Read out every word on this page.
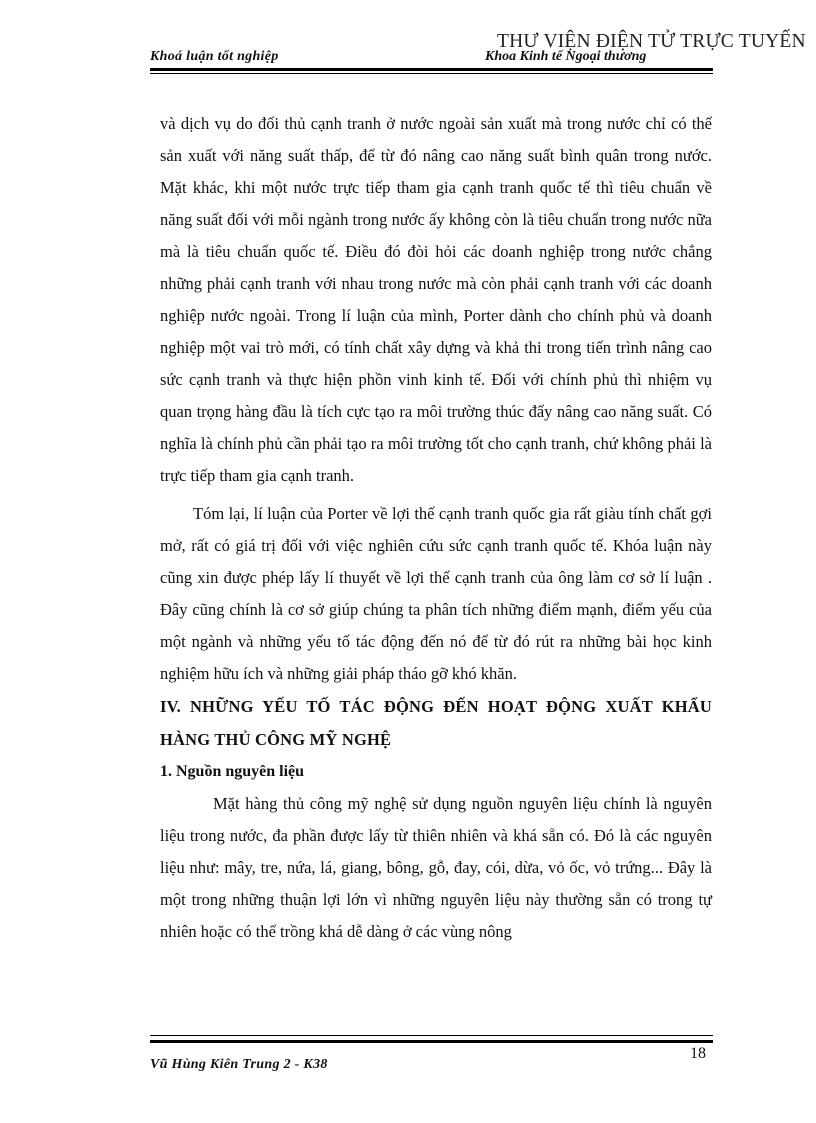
THƯ VIỆN ĐIỆN TỬ TRỰC TUYẾN
Khoá luận tốt nghiệp	Khoa Kinh tế Ngoại thương

và dịch vụ do đối thủ cạnh tranh ở nước ngoài sản xuất mà trong nước chỉ có thể sản xuất với năng suất thấp, để từ đó nâng cao năng suất bình quân trong nước. Mặt khác, khi một nước trực tiếp tham gia cạnh tranh quốc tế thì tiêu chuẩn về năng suất đối với mỗi ngành trong nước ấy không còn là tiêu chuẩn trong nước nữa mà là tiêu chuẩn quốc tế. Điều đó đòi hỏi các doanh nghiệp trong nước chẳng những phải cạnh tranh với nhau trong nước mà còn phải cạnh tranh với các doanh nghiệp nước ngoài. Trong lí luận của mình, Porter dành cho chính phủ và doanh nghiệp một vai trò mới, có tính chất xây dựng và khả thi trong tiến trình nâng cao sức cạnh tranh và thực hiện phồn vinh kinh tế. Đối với chính phủ thì nhiệm vụ quan trọng hàng đầu là tích cực tạo ra môi trường thúc đẩy nâng cao năng suất. Có nghĩa là chính phủ cần phải tạo ra môi trường tốt cho cạnh tranh, chứ không phải là trực tiếp tham gia cạnh tranh.

Tóm lại, lí luận của Porter về lợi thế cạnh tranh quốc gia rất giàu tính chất gợi mở, rất có giá trị đối với việc nghiên cứu sức cạnh tranh quốc tế. Khóa luận này cũng xin được phép lấy lí thuyết về lợi thế cạnh tranh của ông làm cơ sở lí luận . Đây cũng chính là cơ sở giúp chúng ta phân tích những điểm mạnh, điểm yếu của một ngành và những yếu tố tác động đến nó để từ đó rút ra những bài học kinh nghiệm hữu ích và những giải pháp tháo gỡ khó khăn.

IV. NHỮNG YẾU TỐ TÁC ĐỘNG ĐẾN HOẠT ĐỘNG XUẤT KHẨU HÀNG THỦ CÔNG MỸ NGHỆ

1. Nguồn nguyên liệu

Mặt hàng thủ công mỹ nghệ sử dụng nguồn nguyên liệu chính là nguyên liệu trong nước, đa phần được lấy từ thiên nhiên và khá sẵn có. Đó là các nguyên liệu như: mây, tre, nứa, lá, giang, bông, gỗ, đay, cói, dừa, vỏ ốc, vỏ trứng... Đây là một trong những thuận lợi lớn vì những nguyên liệu này thường sẵn có trong tự nhiên hoặc có thể trồng khá dễ dàng ở các vùng nông

18
Vũ Hùng Kiên Trung 2 - K38
